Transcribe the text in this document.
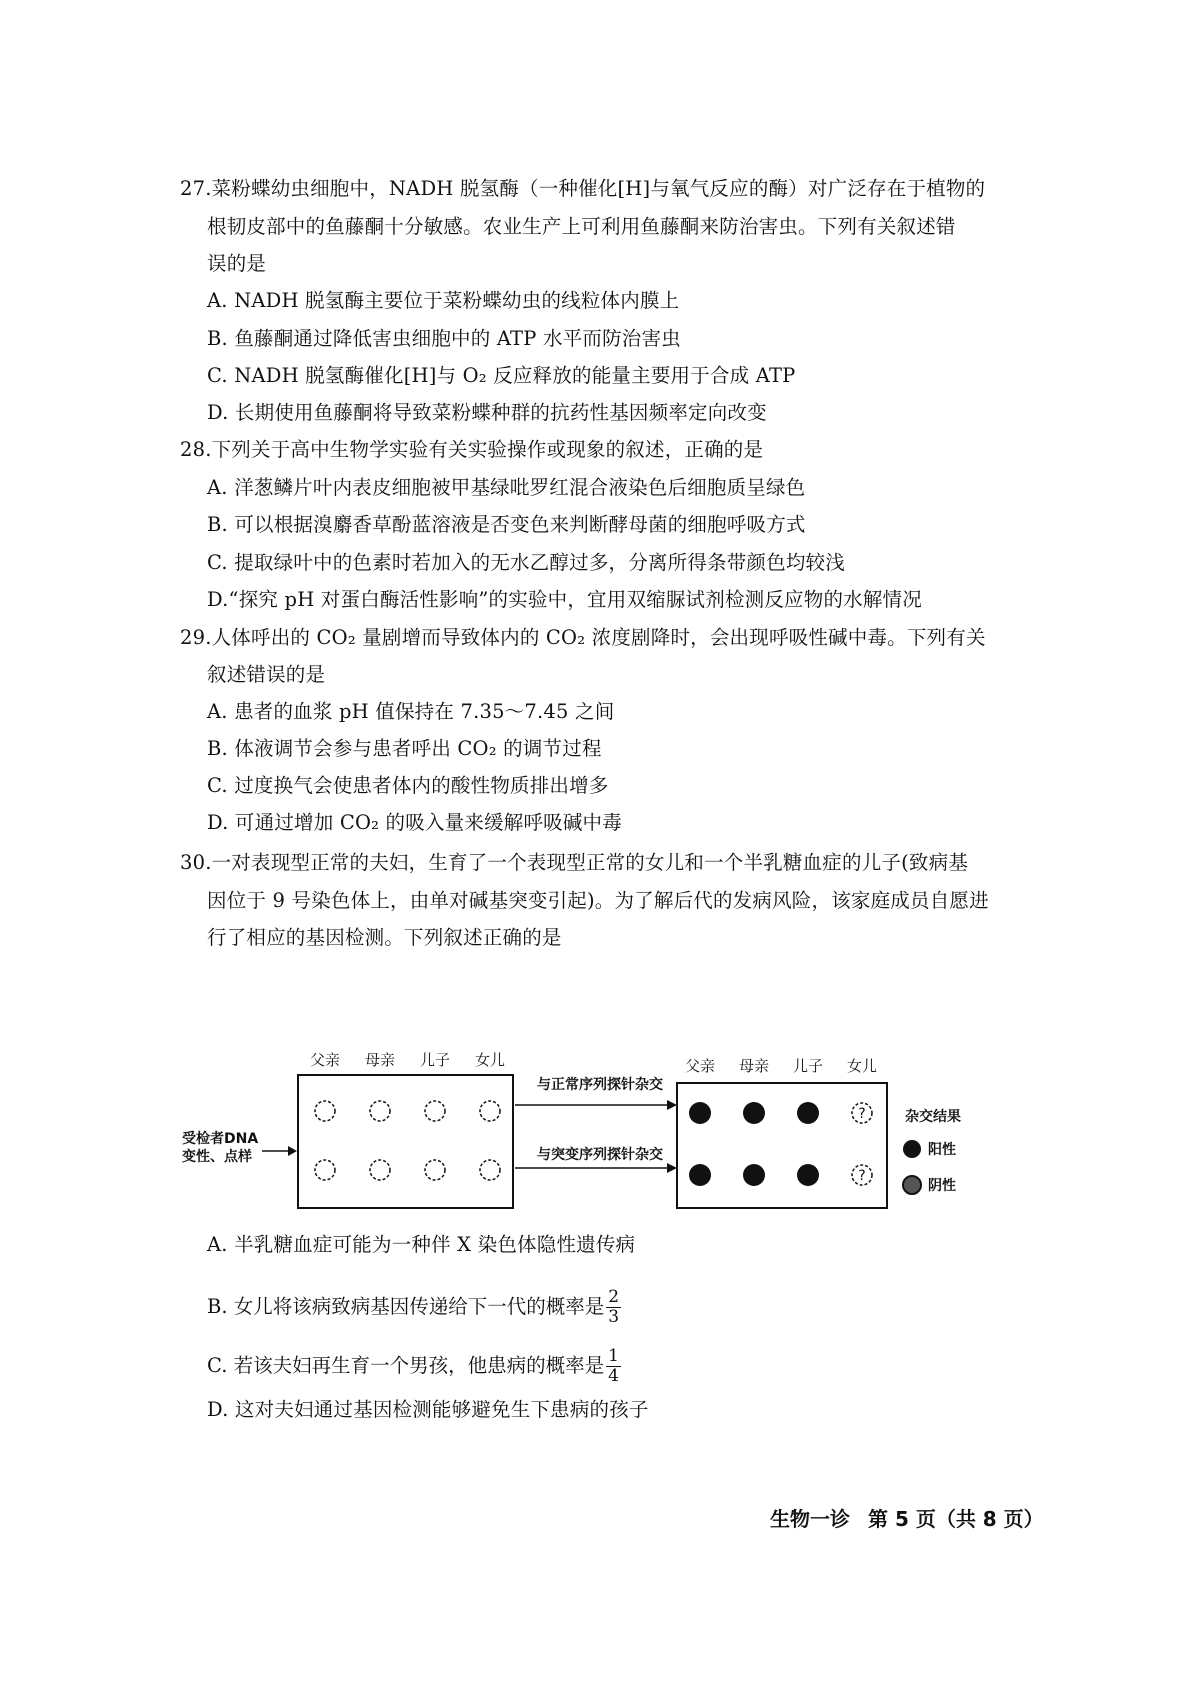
27.菜粉蝶幼虫细胞中，NADH 脱氢酶（一种催化[H]与氧气反应的酶）对广泛存在于植物的
根韧皮部中的鱼藤酮十分敏感。农业生产上可利用鱼藤酮来防治害虫。下列有关叙述错
误的是
A. NADH 脱氢酶主要位于菜粉蝶幼虫的线粒体内膜上
B. 鱼藤酮通过降低害虫细胞中的 ATP 水平而防治害虫
C. NADH 脱氢酶催化[H]与 O₂ 反应释放的能量主要用于合成 ATP
D. 长期使用鱼藤酮将导致菜粉蝶种群的抗药性基因频率定向改变
28.下列关于高中生物学实验有关实验操作或现象的叙述，正确的是
A. 洋葱鳞片叶内表皮细胞被甲基绿吡罗红混合液染色后细胞质呈绿色
B. 可以根据溴麝香草酚蓝溶液是否变色来判断酵母菌的细胞呼吸方式
C. 提取绿叶中的色素时若加入的无水乙醇过多，分离所得条带颜色均较浅
D.“探究 pH 对蛋白酶活性影响”的实验中，宜用双缩脲试剂检测反应物的水解情况
29.人体呼出的 CO₂ 量剧增而导致体内的 CO₂ 浓度剧降时，会出现呼吸性碱中毒。下列有关
叙述错误的是
A. 患者的血浆 pH 值保持在 7.35～7.45 之间
B. 体液调节会参与患者呼出 CO₂ 的调节过程
C. 过度换气会使患者体内的酸性物质排出增多
D. 可通过增加 CO₂ 的吸入量来缓解呼吸碱中毒
30.一对表现型正常的夫妇，生育了一个表现型正常的女儿和一个半乳糖血症的儿子(致病基
因位于 9 号染色体上，由单对碱基突变引起)。为了解后代的发病风险，该家庭成员自愿进
行了相应的基因检测。下列叙述正确的是
父亲 母亲 儿子 女儿
受检者DNA
变性、点样
与正常序列探针杂交
与突变序列探针杂交
父亲 母亲 儿子 女儿
?
?
杂交结果
阳性
阴性
A. 半乳糖血症可能为一种伴 X 染色体隐性遗传病
B. 女儿将该病致病基因传递给下一代的概率是 $\frac{2}{3}$
C. 若该夫妇再生育一个男孩，他患病的概率是 $\frac{1}{4}$
D. 这对夫妇通过基因检测能够避免生下患病的孩子
生物一诊 第 5 页（共 8 页）
